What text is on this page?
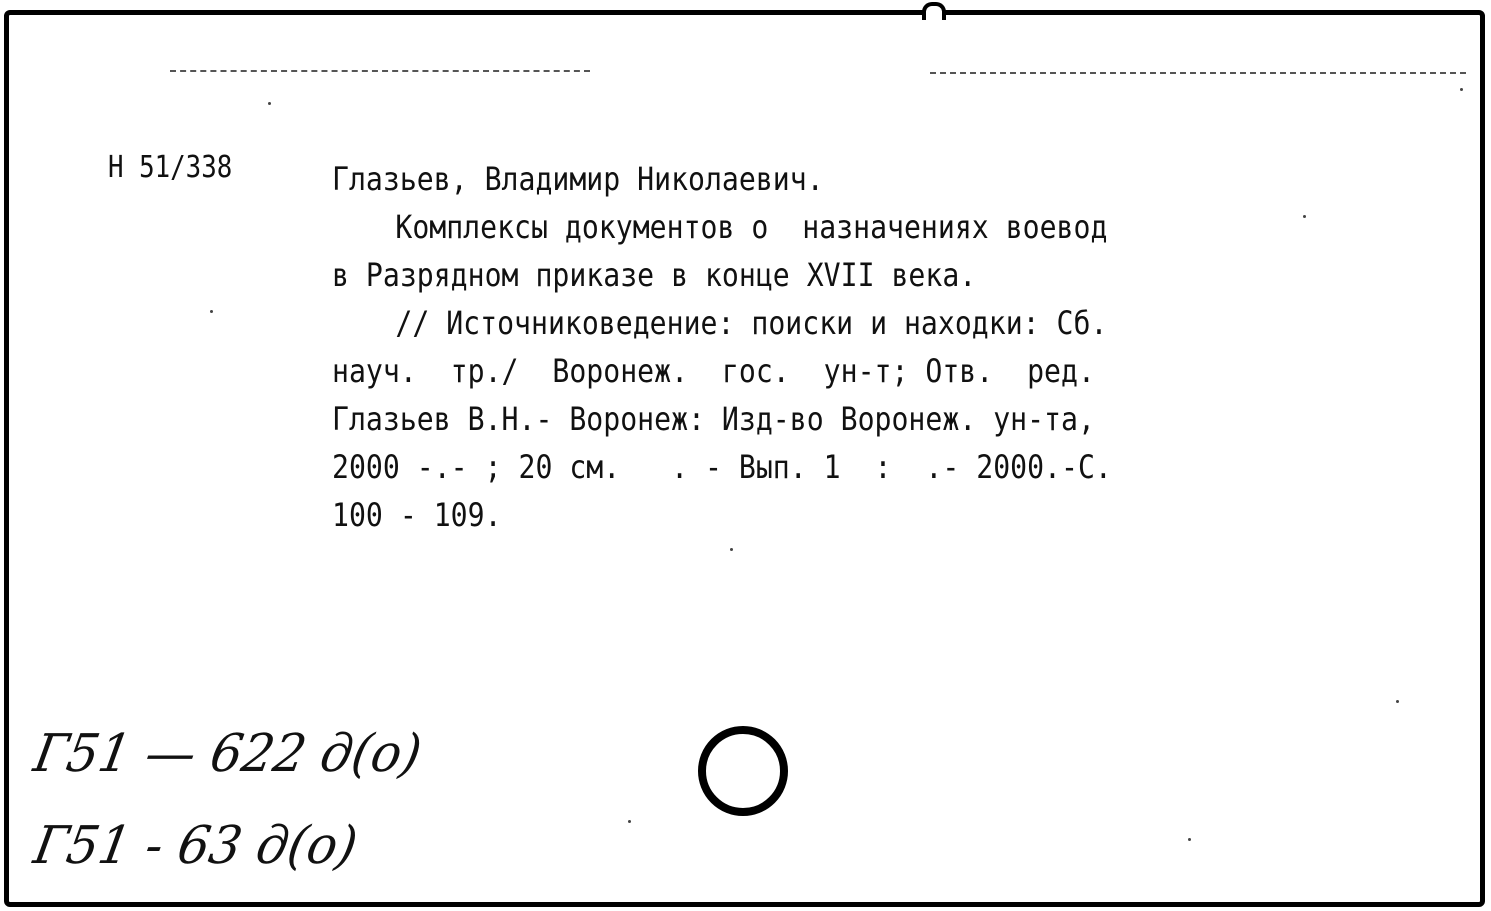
Н 51/338	Глазьев, Владимир Николаевич.
Комплексы документов о  назначениях воевод
в Разрядном приказе в конце XVII века.
// Источниковедение: поиски и находки: Сб.
науч.  тр./  Воронеж.  гос.  ун-т; Отв.  ред.
Глазьев В.Н.- Воронеж: Изд-во Воронеж. ун-та,
2000 -.- ; 20 см.   . - Вып. 1  :  .- 2000.-С.
100 - 109.
Г51 — 622 д(о)
Г51 - 63 д(о)
